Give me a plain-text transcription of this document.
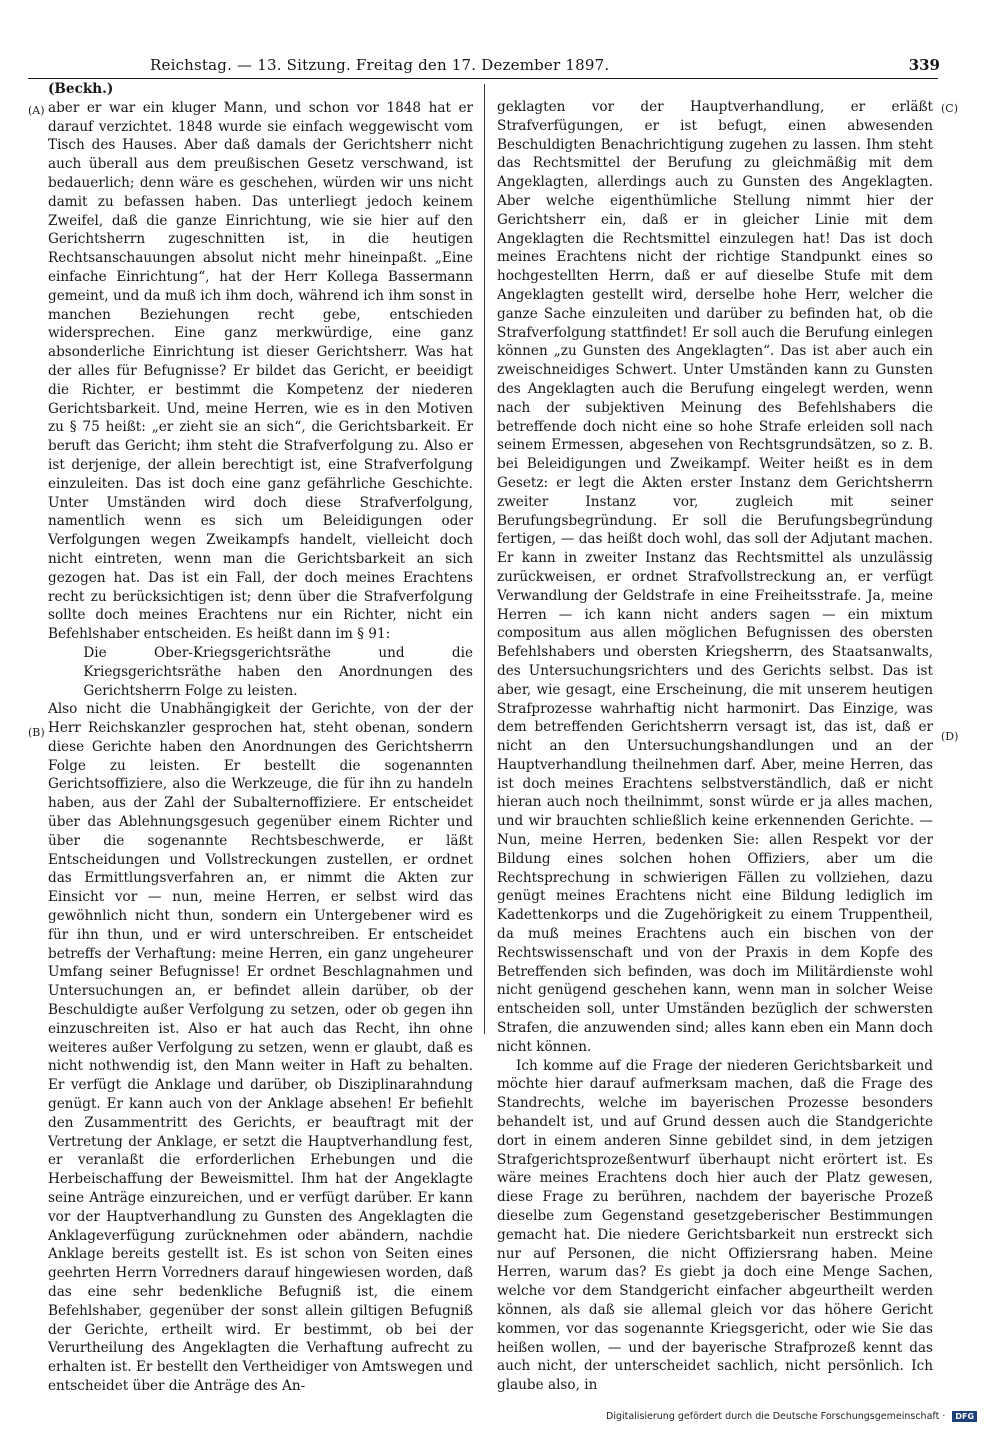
Reichstag. — 13. Sitzung. Freitag den 17. Dezember 1897.	339
(A)
(B)
(C)
(D)

(Beckh.)

aber er war ein kluger Mann, und schon vor 1848 hat er darauf verzichtet. 1848 wurde sie einfach weggewischt vom Tisch des Hauses. Aber daß damals der Gerichtsherr nicht auch überall aus dem preußischen Gesetz verschwand, ist bedauerlich; denn wäre es geschehen, würden wir uns nicht damit zu befassen haben. Das unterliegt jedoch keinem Zweifel, daß die ganze Einrichtung, wie sie hier auf den Gerichtsherrn zugeschnitten ist, in die heutigen Rechtsanschauungen absolut nicht mehr hineinpaßt. „Eine einfache Einrichtung“, hat der Herr Kollega Bassermann gemeint, und da muß ich ihm doch, während ich ihm sonst in manchen Beziehungen recht gebe, entschieden widersprechen. Eine ganz merkwürdige, eine ganz absonderliche Einrichtung ist dieser Gerichtsherr. Was hat der alles für Befugnisse? Er bildet das Gericht, er beeidigt die Richter, er bestimmt die Kompetenz der niederen Gerichtsbarkeit. Und, meine Herren, wie es in den Motiven zu § 75 heißt: „er zieht sie an sich“, die Gerichtsbarkeit. Er beruft das Gericht; ihm steht die Strafverfolgung zu. Also er ist derjenige, der allein berechtigt ist, eine Strafverfolgung einzuleiten. Das ist doch eine ganz gefährliche Geschichte. Unter Umständen wird doch diese Strafverfolgung, namentlich wenn es sich um Beleidigungen oder Verfolgungen wegen Zweikampfs handelt, vielleicht doch nicht eintreten, wenn man die Gerichtsbarkeit an sich gezogen hat. Das ist ein Fall, der doch meines Erachtens recht zu berücksichtigen ist; denn über die Strafverfolgung sollte doch meines Erachtens nur ein Richter, nicht ein Befehlshaber entscheiden. Es heißt dann im § 91:

Die Ober-Kriegsgerichtsräthe und die Kriegsgerichtsräthe haben den Anordnungen des Gerichtsherrn Folge zu leisten.

Also nicht die Unabhängigkeit der Gerichte, von der der Herr Reichskanzler gesprochen hat, steht obenan, sondern diese Gerichte haben den Anordnungen des Gerichtsherrn Folge zu leisten. Er bestellt die sogenannten Gerichtsoffiziere, also die Werkzeuge, die für ihn zu handeln haben, aus der Zahl der Subalternoffiziere. Er entscheidet über das Ablehnungsgesuch gegenüber einem Richter und über die sogenannte Rechtsbeschwerde, er läßt Entscheidungen und Vollstreckungen zustellen, er ordnet das Ermittlungsverfahren an, er nimmt die Akten zur Einsicht vor — nun, meine Herren, er selbst wird das gewöhnlich nicht thun, sondern ein Untergebener wird es für ihn thun, und er wird unterschreiben. Er entscheidet betreffs der Verhaftung: meine Herren, ein ganz ungeheurer Umfang seiner Befugnisse! Er ordnet Beschlagnahmen und Untersuchungen an, er befindet allein darüber, ob der Beschuldigte außer Verfolgung zu setzen, oder ob gegen ihn einzuschreiten ist. Also er hat auch das Recht, ihn ohne weiteres außer Verfolgung zu setzen, wenn er glaubt, daß es nicht nothwendig ist, den Mann weiter in Haft zu behalten. Er verfügt die Anklage und darüber, ob Disziplinarahndung genügt. Er kann auch von der Anklage absehen! Er befiehlt den Zusammentritt des Gerichts, er beauftragt mit der Vertretung der Anklage, er setzt die Hauptverhandlung fest, er veranlaßt die erforderlichen Erhebungen und die Herbeischaffung der Beweismittel. Ihm hat der Angeklagte seine Anträge einzureichen, und er verfügt darüber. Er kann vor der Hauptverhandlung zu Gunsten des Angeklagten die Anklageverfügung zurücknehmen oder abändern, nachdie Anklage bereits gestellt ist. Es ist schon von Seiten eines geehrten Herrn Vorredners darauf hingewiesen worden, daß das eine sehr bedenkliche Befugniß ist, die einem Befehlshaber, gegenüber der sonst allein giltigen Befugniß der Gerichte, ertheilt wird. Er bestimmt, ob bei der Verurtheilung des Angeklagten die Verhaftung aufrecht zu erhalten ist. Er bestellt den Vertheidiger von Amtswegen und entscheidet über die Anträge des An-

geklagten vor der Hauptverhandlung, er erläßt Strafverfügungen, er ist befugt, einen abwesenden Beschuldigten Benachrichtigung zugehen zu lassen. Ihm steht das Rechtsmittel der Berufung zu gleichmäßig mit dem Angeklagten, allerdings auch zu Gunsten des Angeklagten. Aber welche eigenthümliche Stellung nimmt hier der Gerichtsherr ein, daß er in gleicher Linie mit dem Angeklagten die Rechtsmittel einzulegen hat! Das ist doch meines Erachtens nicht der richtige Standpunkt eines so hochgestellten Herrn, daß er auf dieselbe Stufe mit dem Angeklagten gestellt wird, derselbe hohe Herr, welcher die ganze Sache einzuleiten und darüber zu befinden hat, ob die Strafverfolgung stattfindet! Er soll auch die Berufung einlegen können „zu Gunsten des Angeklagten“. Das ist aber auch ein zweischneidiges Schwert. Unter Umständen kann zu Gunsten des Angeklagten auch die Berufung eingelegt werden, wenn nach der subjektiven Meinung des Befehlshabers die betreffende doch nicht eine so hohe Strafe erleiden soll nach seinem Ermessen, abgesehen von Rechtsgrundsätzen, so z. B. bei Beleidigungen und Zweikampf. Weiter heißt es in dem Gesetz: er legt die Akten erster Instanz dem Gerichtsherrn zweiter Instanz vor, zugleich mit seiner Berufungsbegründung. Er soll die Berufungsbegründung fertigen, — das heißt doch wohl, das soll der Adjutant machen. Er kann in zweiter Instanz das Rechtsmittel als unzulässig zurückweisen, er ordnet Strafvollstreckung an, er verfügt Verwandlung der Geldstrafe in eine Freiheitsstrafe. Ja, meine Herren — ich kann nicht anders sagen — ein mixtum compositum aus allen möglichen Befugnissen des obersten Befehlshabers und obersten Kriegsherrn, des Staatsanwalts, des Untersuchungsrichters und des Gerichts selbst. Das ist aber, wie gesagt, eine Erscheinung, die mit unserem heutigen Strafprozesse wahrhaftig nicht harmonirt. Das Einzige, was dem betreffenden Gerichtsherrn versagt ist, das ist, daß er nicht an den Untersuchungshandlungen und an der Hauptverhandlung theilnehmen darf. Aber, meine Herren, das ist doch meines Erachtens selbstverständlich, daß er nicht hieran auch noch theilnimmt, sonst würde er ja alles machen, und wir brauchten schließlich keine erkennenden Gerichte. — Nun, meine Herren, bedenken Sie: allen Respekt vor der Bildung eines solchen hohen Offiziers, aber um die Rechtsprechung in schwierigen Fällen zu vollziehen, dazu genügt meines Erachtens nicht eine Bildung lediglich im Kadettenkorps und die Zugehörigkeit zu einem Truppentheil, da muß meines Erachtens auch ein bischen von der Rechtswissenschaft und von der Praxis in dem Kopfe des Betreffenden sich befinden, was doch im Militärdienste wohl nicht genügend geschehen kann, wenn man in solcher Weise entscheiden soll, unter Umständen bezüglich der schwersten Strafen, die anzuwenden sind; alles kann eben ein Mann doch nicht können.

Ich komme auf die Frage der niederen Gerichtsbarkeit und möchte hier darauf aufmerksam machen, daß die Frage des Standrechts, welche im bayerischen Prozesse besonders behandelt ist, und auf Grund dessen auch die Standgerichte dort in einem anderen Sinne gebildet sind, in dem jetzigen Strafgerichtsprozeßentwurf überhaupt nicht erörtert ist. Es wäre meines Erachtens doch hier auch der Platz gewesen, diese Frage zu berühren, nachdem der bayerische Prozeß dieselbe zum Gegenstand gesetzgeberischer Bestimmungen gemacht hat. Die niedere Gerichtsbarkeit nun erstreckt sich nur auf Personen, die nicht Offiziersrang haben. Meine Herren, warum das? Es giebt ja doch eine Menge Sachen, welche vor dem Standgericht einfacher abgeurtheilt werden können, als daß sie allemal gleich vor das höhere Gericht kommen, vor das sogenannte Kriegsgericht, oder wie Sie das heißen wollen, — und der bayerische Strafprozeß kennt das auch nicht, der unterscheidet sachlich, nicht persönlich. Ich glaube also, in

Digitalisierung gefördert durch die Deutsche Forschungsgemeinschaft ·	DFG
